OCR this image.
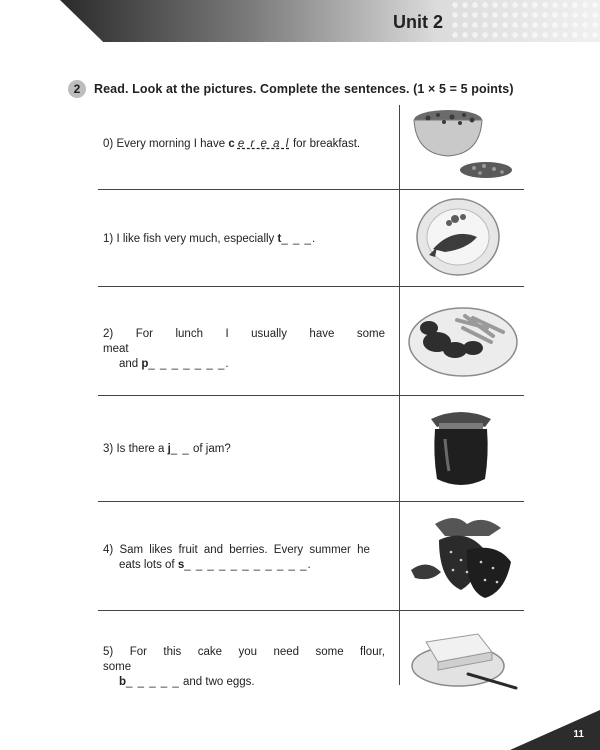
Unit 2
2	Read. Look at the pictures. Complete the sentences. (1 × 5 = 5 points)
0) Every morning I have c e r e a l for breakfast.
1) I like fish very much, especially t_ _ _.
2) For lunch I usually have some meat
and p_ _ _ _ _ _ _.
3) Is there a j_ _ of jam?
4) Sam likes fruit and berries. Every summer he
eats lots of s_ _ _ _ _ _ _ _ _ _ _.
5) For this cake you need some flour, some
b_ _ _ _ _ and two eggs.
11
